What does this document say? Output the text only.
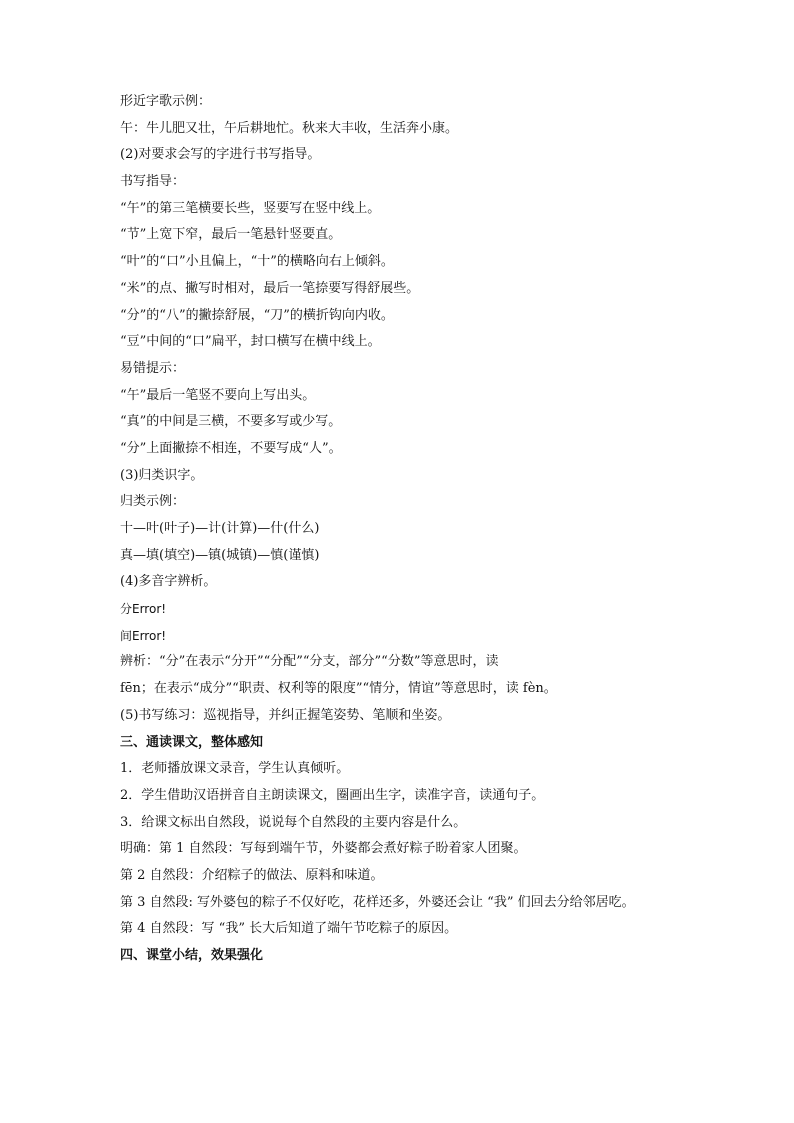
形近字歌示例：
午：牛儿肥又壮，午后耕地忙。秋来大丰收，生活奔小康。
(2)对要求会写的字进行书写指导。
书写指导：
“午”的第三笔横要长些，竖要写在竖中线上。
“节”上宽下窄，最后一笔悬针竖要直。
“叶”的“口”小且偏上，“十”的横略向右上倾斜。
“米”的点、撇写时相对，最后一笔捺要写得舒展些。
“分”的“八”的撇捺舒展，“刀”的横折钩向内收。
“豆”中间的“口”扁平，封口横写在横中线上。
易错提示：
“午”最后一笔竖不要向上写出头。
“真”的中间是三横，不要多写或少写。
“分”上面撇捺不相连，不要写成“人”。
(3)归类识字。
归类示例：
十—叶(叶子)—计(计算)—什(什么)
真—填(填空)—镇(城镇)—慎(谨慎)
(4)多音字辨析。
分Error!
间Error!
辨析：“分”在表示“分开”“分配”“分支，部分”“分数”等意思时，读
fēn；在表示“成分”“职责、权利等的限度”“情分，情谊”等意思时，读 fèn。
(5)书写练习：巡视指导，并纠正握笔姿势、笔顺和坐姿。
三、通读课文，整体感知
1．老师播放课文录音，学生认真倾听。
2．学生借助汉语拼音自主朗读课文，圈画出生字，读准字音，读通句子。
3．给课文标出自然段，说说每个自然段的主要内容是什么。
明确：第 1 自然段：写每到端午节，外婆都会煮好粽子盼着家人团聚。
第 2 自然段：介绍粽子的做法、原料和味道。
第 3 自然段: 写外婆包的粽子不仅好吃，花样还多，外婆还会让 “我” 们回去分给邻居吃。
第 4 自然段：写 “我” 长大后知道了端午节吃粽子的原因。
四、课堂小结，效果强化
